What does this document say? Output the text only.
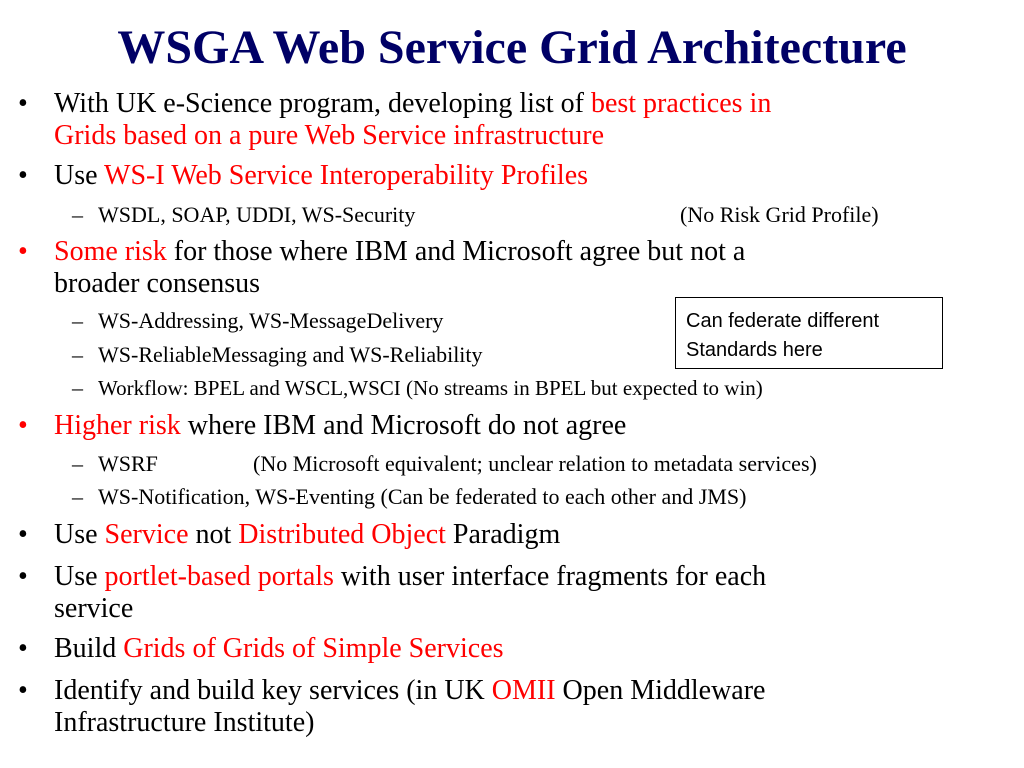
WSGA Web Service Grid Architecture
• With UK e-Science program, developing list of best practices in
Grids based on a pure Web Service infrastructure
• Use WS-I Web Service Interoperability Profiles
– WSDL, SOAP, UDDI, WS-Security	(No Risk Grid Profile)
• Some risk for those where IBM and Microsoft agree but not a
broader consensus
– WS-Addressing, WS-MessageDelivery
– WS-ReliableMessaging and WS-Reliability
– Workflow: BPEL and WSCL,WSCI (No streams in BPEL but expected to win)
Can federate different
Standards here
• Higher risk where IBM and Microsoft do not agree
– WSRF	(No Microsoft equivalent; unclear relation to metadata services)
– WS-Notification, WS-Eventing (Can be federated to each other and JMS)
• Use Service not Distributed Object Paradigm
• Use portlet-based portals with user interface fragments for each
service
• Build Grids of Grids of Simple Services
• Identify and build key services (in UK OMII Open Middleware
Infrastructure Institute)
